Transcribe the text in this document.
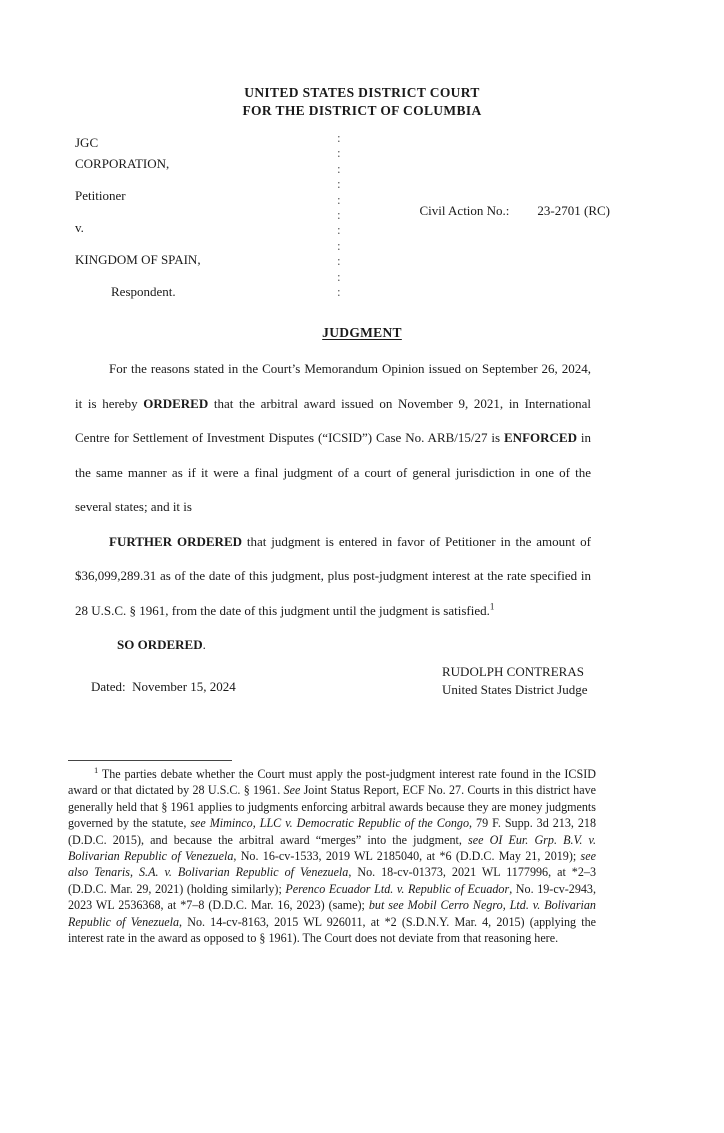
UNITED STATES DISTRICT COURT
FOR THE DISTRICT OF COLUMBIA
JGC
CORPORATION,
Petitioner
v.
KINGDOM OF SPAIN,
Respondent.
:
:
:
:
:
:
:
:
:
:
:

Civil Action No.: 23-2701 (RC)

JUDGMENT

For the reasons stated in the Court’s Memorandum Opinion issued on September 26, 2024, it is hereby ORDERED that the arbitral award issued on November 9, 2021, in International Centre for Settlement of Investment Disputes (“ICSID”) Case No. ARB/15/27 is ENFORCED in the same manner as if it were a final judgment of a court of general jurisdiction in one of the several states; and it is

FURTHER ORDERED that judgment is entered in favor of Petitioner in the amount of $36,099,289.31 as of the date of this judgment, plus post-judgment interest at the rate specified in 28 U.S.C. § 1961, from the date of this judgment until the judgment is satisfied.$^1$

SO ORDERED.

Dated: November 15, 2024

RUDOLPH CONTRERAS
United States District Judge

$^1$ The parties debate whether the Court must apply the post-judgment interest rate found in the ICSID award or that dictated by 28 U.S.C. § 1961. See Joint Status Report, ECF No. 27. Courts in this district have generally held that § 1961 applies to judgments enforcing arbitral awards because they are money judgments governed by the statute, see Miminco, LLC v. Democratic Republic of the Congo, 79 F. Supp. 3d 213, 218 (D.D.C. 2015), and because the arbitral award “merges” into the judgment, see OI Eur. Grp. B.V. v. Bolivarian Republic of Venezuela, No. 16-cv-1533, 2019 WL 2185040, at *6 (D.D.C. May 21, 2019); see also Tenaris, S.A. v. Bolivarian Republic of Venezuela, No. 18-cv-01373, 2021 WL 1177996, at *2–3 (D.D.C. Mar. 29, 2021) (holding similarly); Perenco Ecuador Ltd. v. Republic of Ecuador, No. 19-cv-2943, 2023 WL 2536368, at *7–8 (D.D.C. Mar. 16, 2023) (same); but see Mobil Cerro Negro, Ltd. v. Bolivarian Republic of Venezuela, No. 14-cv-8163, 2015 WL 926011, at *2 (S.D.N.Y. Mar. 4, 2015) (applying the interest rate in the award as opposed to § 1961). The Court does not deviate from that reasoning here.
